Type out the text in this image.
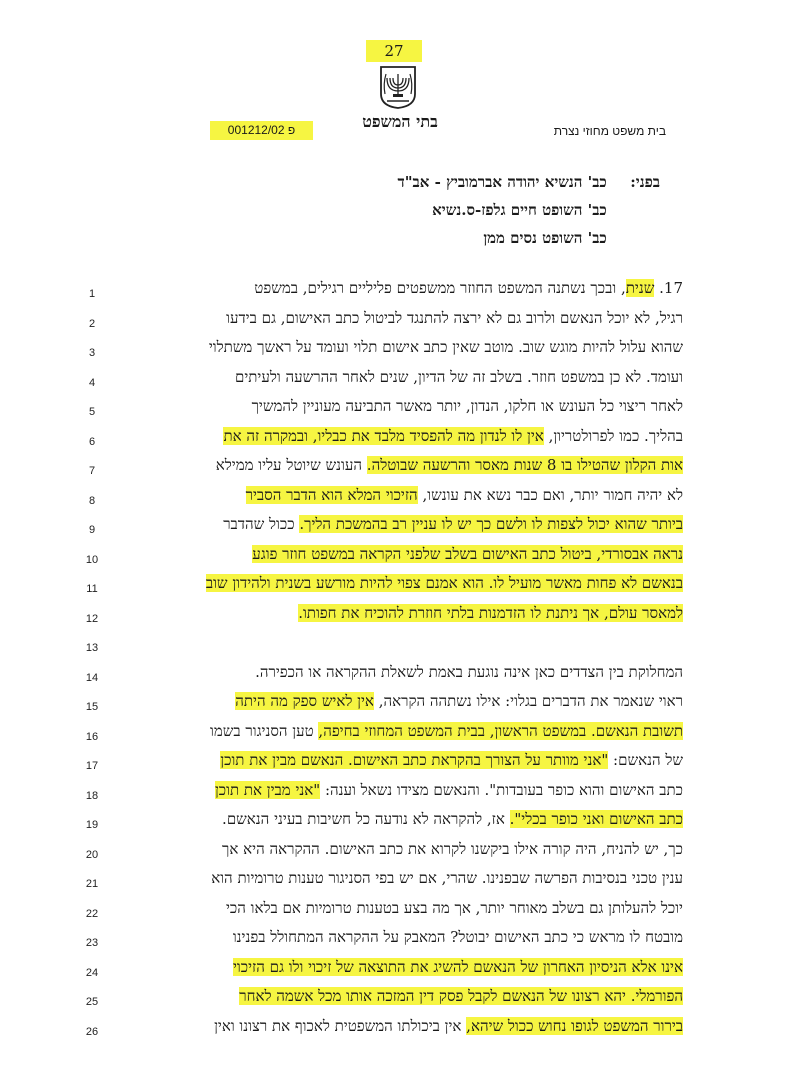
27
בתי המשפט
פ 001212/02	בית משפט מחוזי נצרת
בפני: כב' הנשיא יהודה אברמוביץ - אב"ד
כב' השופט חיים גלפז-ס.נשיא
כב' השופט נסים ממן
1
2
3
4
5
6
7
8
9
10
11
12
13
14
15
16
17
18
19
20
21
22
23
24
25
26

17. שנית, ובכך נשתנה המשפט החוזר ממשפטים פליליים רגילים, במשפט

רגיל, לא יוכל הנאשם ולרוב גם לא ירצה להתנגד לביטול כתב האישום, גם בידעו

שהוא עלול להיות מוגש שוב. מוטב שאין כתב אישום תלוי ועומד על ראשך משתלוי

ועומד. לא כן במשפט חוזר. בשלב זה של הדיון, שנים לאחר ההרשעה ולעיתים

לאחר ריצוי כל העונש או חלקו, הנדון, יותר מאשר התביעה מעוניין להמשיך

בהליך. כמו לפרולטריון, אין לו לנדון מה להפסיד מלבד את כבליו, ובמקרה זה את

אות הקלון שהטילו בו 8 שנות מאסר והרשעה שבוטלה. העונש שיוטל עליו ממילא

לא יהיה חמור יותר, ואם כבר נשא את עונשו, הזיכוי המלא הוא הדבר הסביר

ביותר שהוא יכול לצפות לו ולשם כך יש לו עניין רב בהמשכת הליך. ככול שהדבר

נראה אבסורדי, ביטול כתב האישום בשלב שלפני הקראה במשפט חוזר פוגע

בנאשם לא פחות מאשר מועיל לו. הוא אמנם צפוי להיות מורשע בשנית ולהידון שוב

למאסר עולם, אך ניתנת לו הזדמנות בלתי חוזרת להוכיח את חפותו.

המחלוקת בין הצדדים כאן אינה נוגעת באמת לשאלת ההקראה או הכפירה.

ראוי שנאמר את הדברים בגלוי: אילו נשתהה הקראה, אין לאיש ספק מה היתה

תשובת הנאשם. במשפט הראשון, בבית המשפט המחוזי בחיפה, טען הסניגור בשמו

של הנאשם: "אני מוותר על הצורך בהקראת כתב האישום. הנאשם מבין את תוכן

כתב האישום והוא כופר בעובדות". והנאשם מצידו נשאל וענה: "אני מבין את תוכן

כתב האישום ואני כופר בכלי". אז, להקראה לא נודעה כל חשיבות בעיני הנאשם.

כך, יש להניח, היה קורה אילו ביקשנו לקרוא את כתב האישום. ההקראה היא אך

ענין טכני בנסיבות הפרשה שבפנינו. שהרי, אם יש בפי הסניגור טענות טרומיות הוא

יוכל להעלותן גם בשלב מאוחר יותר, אך מה בצע בטענות טרומיות אם בלאו הכי

מובטח לו מראש כי כתב האישום יבוטל? המאבק על ההקראה המתחולל בפנינו

אינו אלא הניסיון האחרון של הנאשם להשיג את התוצאה של זיכוי ולו גם הזיכוי

הפורמלי. יהא רצונו של הנאשם לקבל פסק דין המזכה אותו מכל אשמה לאחר

בירור המשפט לגופו נחוש ככול שיהא, אין ביכולתו המשפטית לאכוף את רצונו ואין
